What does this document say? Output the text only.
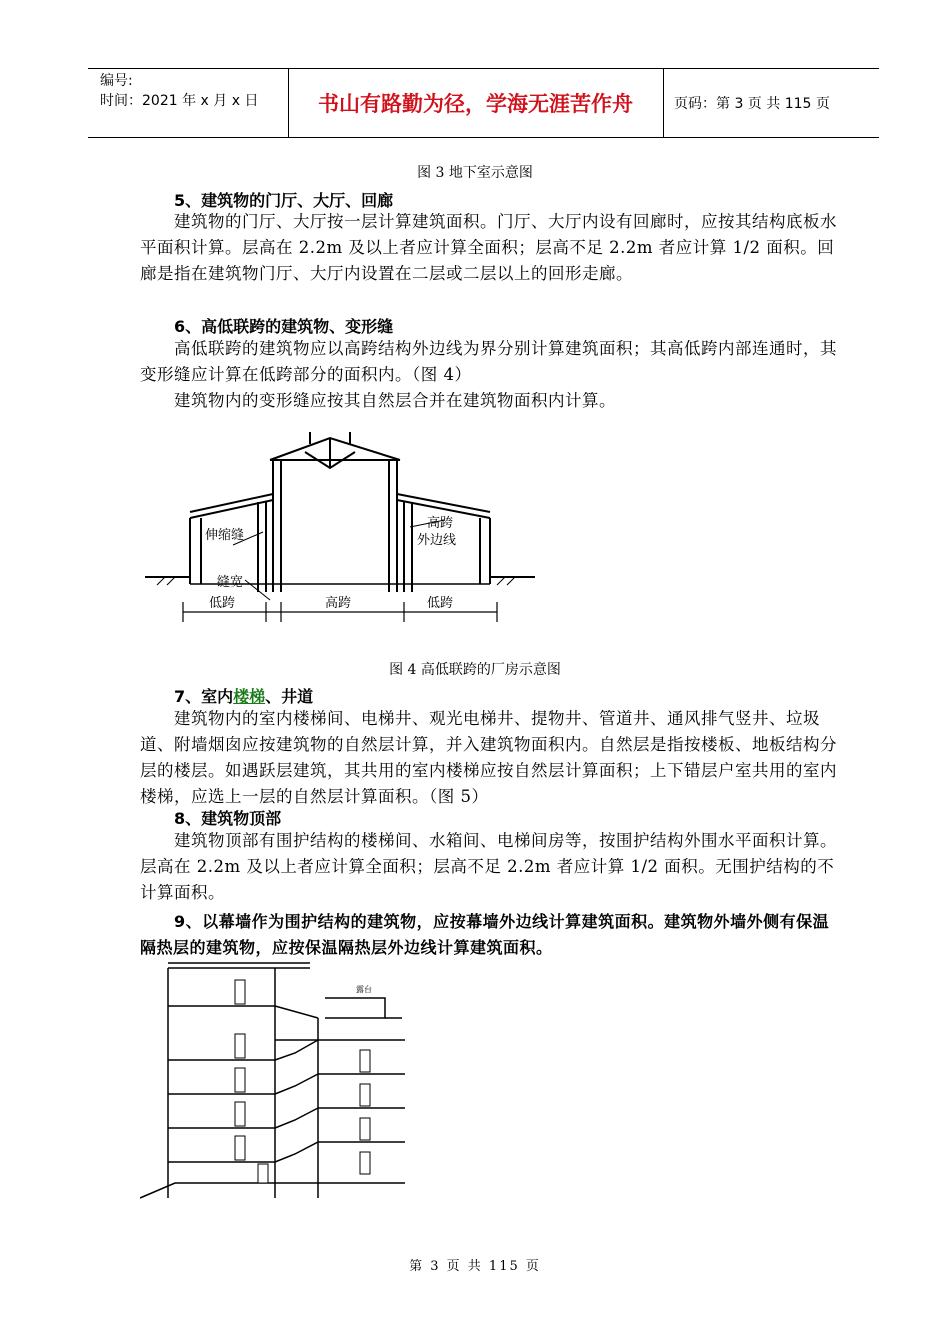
编号:
时间：2021 年 x 月 x 日	书山有路勤为径，学海无涯苦作舟	页码：第 3 页 共 115 页
图 3 地下室示意图
5、建筑物的门厅、大厅、回廊
建筑物的门厅、大厅按一层计算建筑面积。门厅、大厅内设有回廊时，应按其结构底板水平面积计算。层高在 2.2m 及以上者应计算全面积；层高不足 2.2m 者应计算 1/2 面积。回廊是指在建筑物门厅、大厅内设置在二层或二层以上的回形走廊。
6、高低联跨的建筑物、变形缝
高低联跨的建筑物应以高跨结构外边线为界分别计算建筑面积；其高低跨内部连通时，其变形缝应计算在低跨部分的面积内。（图 4）
建筑物内的变形缝应按其自然层合并在建筑物面积内计算。
伸缩缝
高跨
外边线
缝宽
低跨	高跨	低跨
图 4 高低联跨的厂房示意图
7、室内楼梯、井道
建筑物内的室内楼梯间、电梯井、观光电梯井、提物井、管道井、通风排气竖井、垃圾道、附墙烟囱应按建筑物的自然层计算，并入建筑物面积内。自然层是指按楼板、地板结构分层的楼层。如遇跃层建筑，其共用的室内楼梯应按自然层计算面积；上下错层户室共用的室内楼梯，应选上一层的自然层计算面积。（图 5）
8、建筑物顶部
建筑物顶部有围护结构的楼梯间、水箱间、电梯间房等，按围护结构外围水平面积计算。层高在 2.2m 及以上者应计算全面积；层高不足 2.2m 者应计算 1/2 面积。无围护结构的不计算面积。
9、以幕墙作为围护结构的建筑物，应按幕墙外边线计算建筑面积。建筑物外墙外侧有保温隔热层的建筑物，应按保温隔热层外边线计算建筑面积。
露台
第 3 页 共 115 页
